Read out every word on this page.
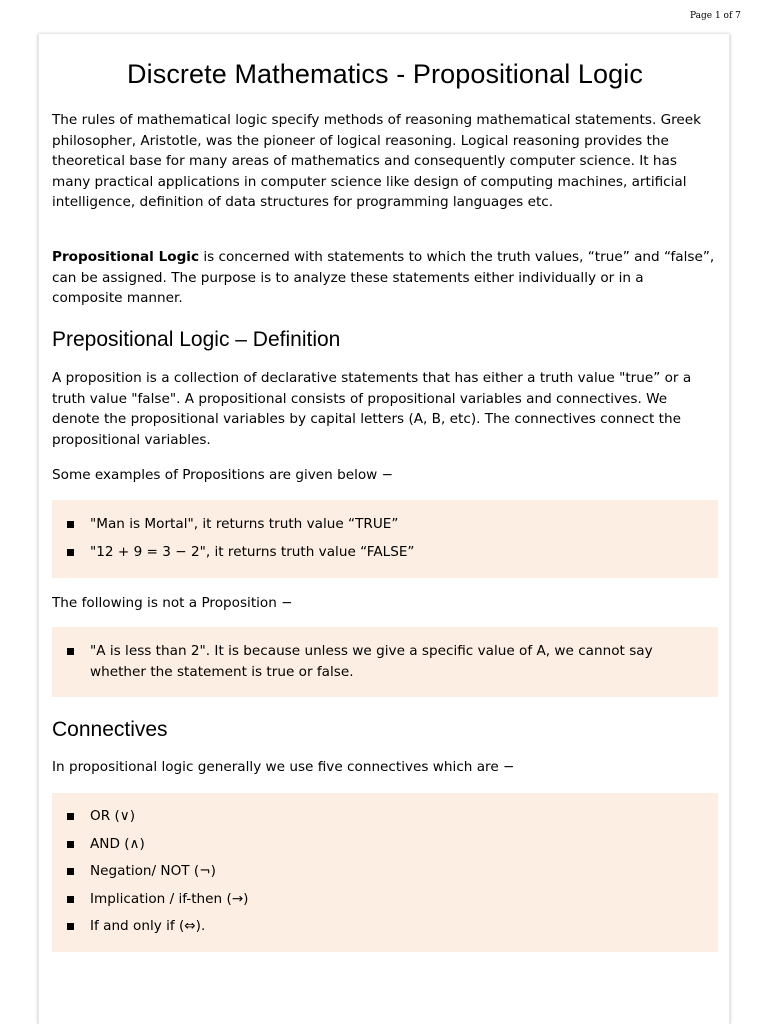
Page 1 of 7
Discrete Mathematics - Propositional Logic

The rules of mathematical logic specify methods of reasoning mathematical statements. Greek philosopher, Aristotle, was the pioneer of logical reasoning. Logical reasoning provides the theoretical base for many areas of mathematics and consequently computer science. It has many practical applications in computer science like design of computing machines, artificial intelligence, definition of data structures for programming languages etc.

Propositional Logic is concerned with statements to which the truth values, “true” and “false”, can be assigned. The purpose is to analyze these statements either individually or in a composite manner.

Prepositional Logic – Definition

A proposition is a collection of declarative statements that has either a truth value "true” or a truth value "false". A propositional consists of propositional variables and connectives. We denote the propositional variables by capital letters (A, B, etc). The connectives connect the propositional variables.

Some examples of Propositions are given below −

"Man is Mortal", it returns truth value “TRUE”
"12 + 9 = 3 − 2", it returns truth value “FALSE”

The following is not a Proposition −

"A is less than 2". It is because unless we give a specific value of A, we cannot say whether the statement is true or false.
Connectives

In propositional logic generally we use five connectives which are −

OR (∨)
AND (∧)
Negation/ NOT (¬)
Implication / if-then (→)
If and only if (⇔).
